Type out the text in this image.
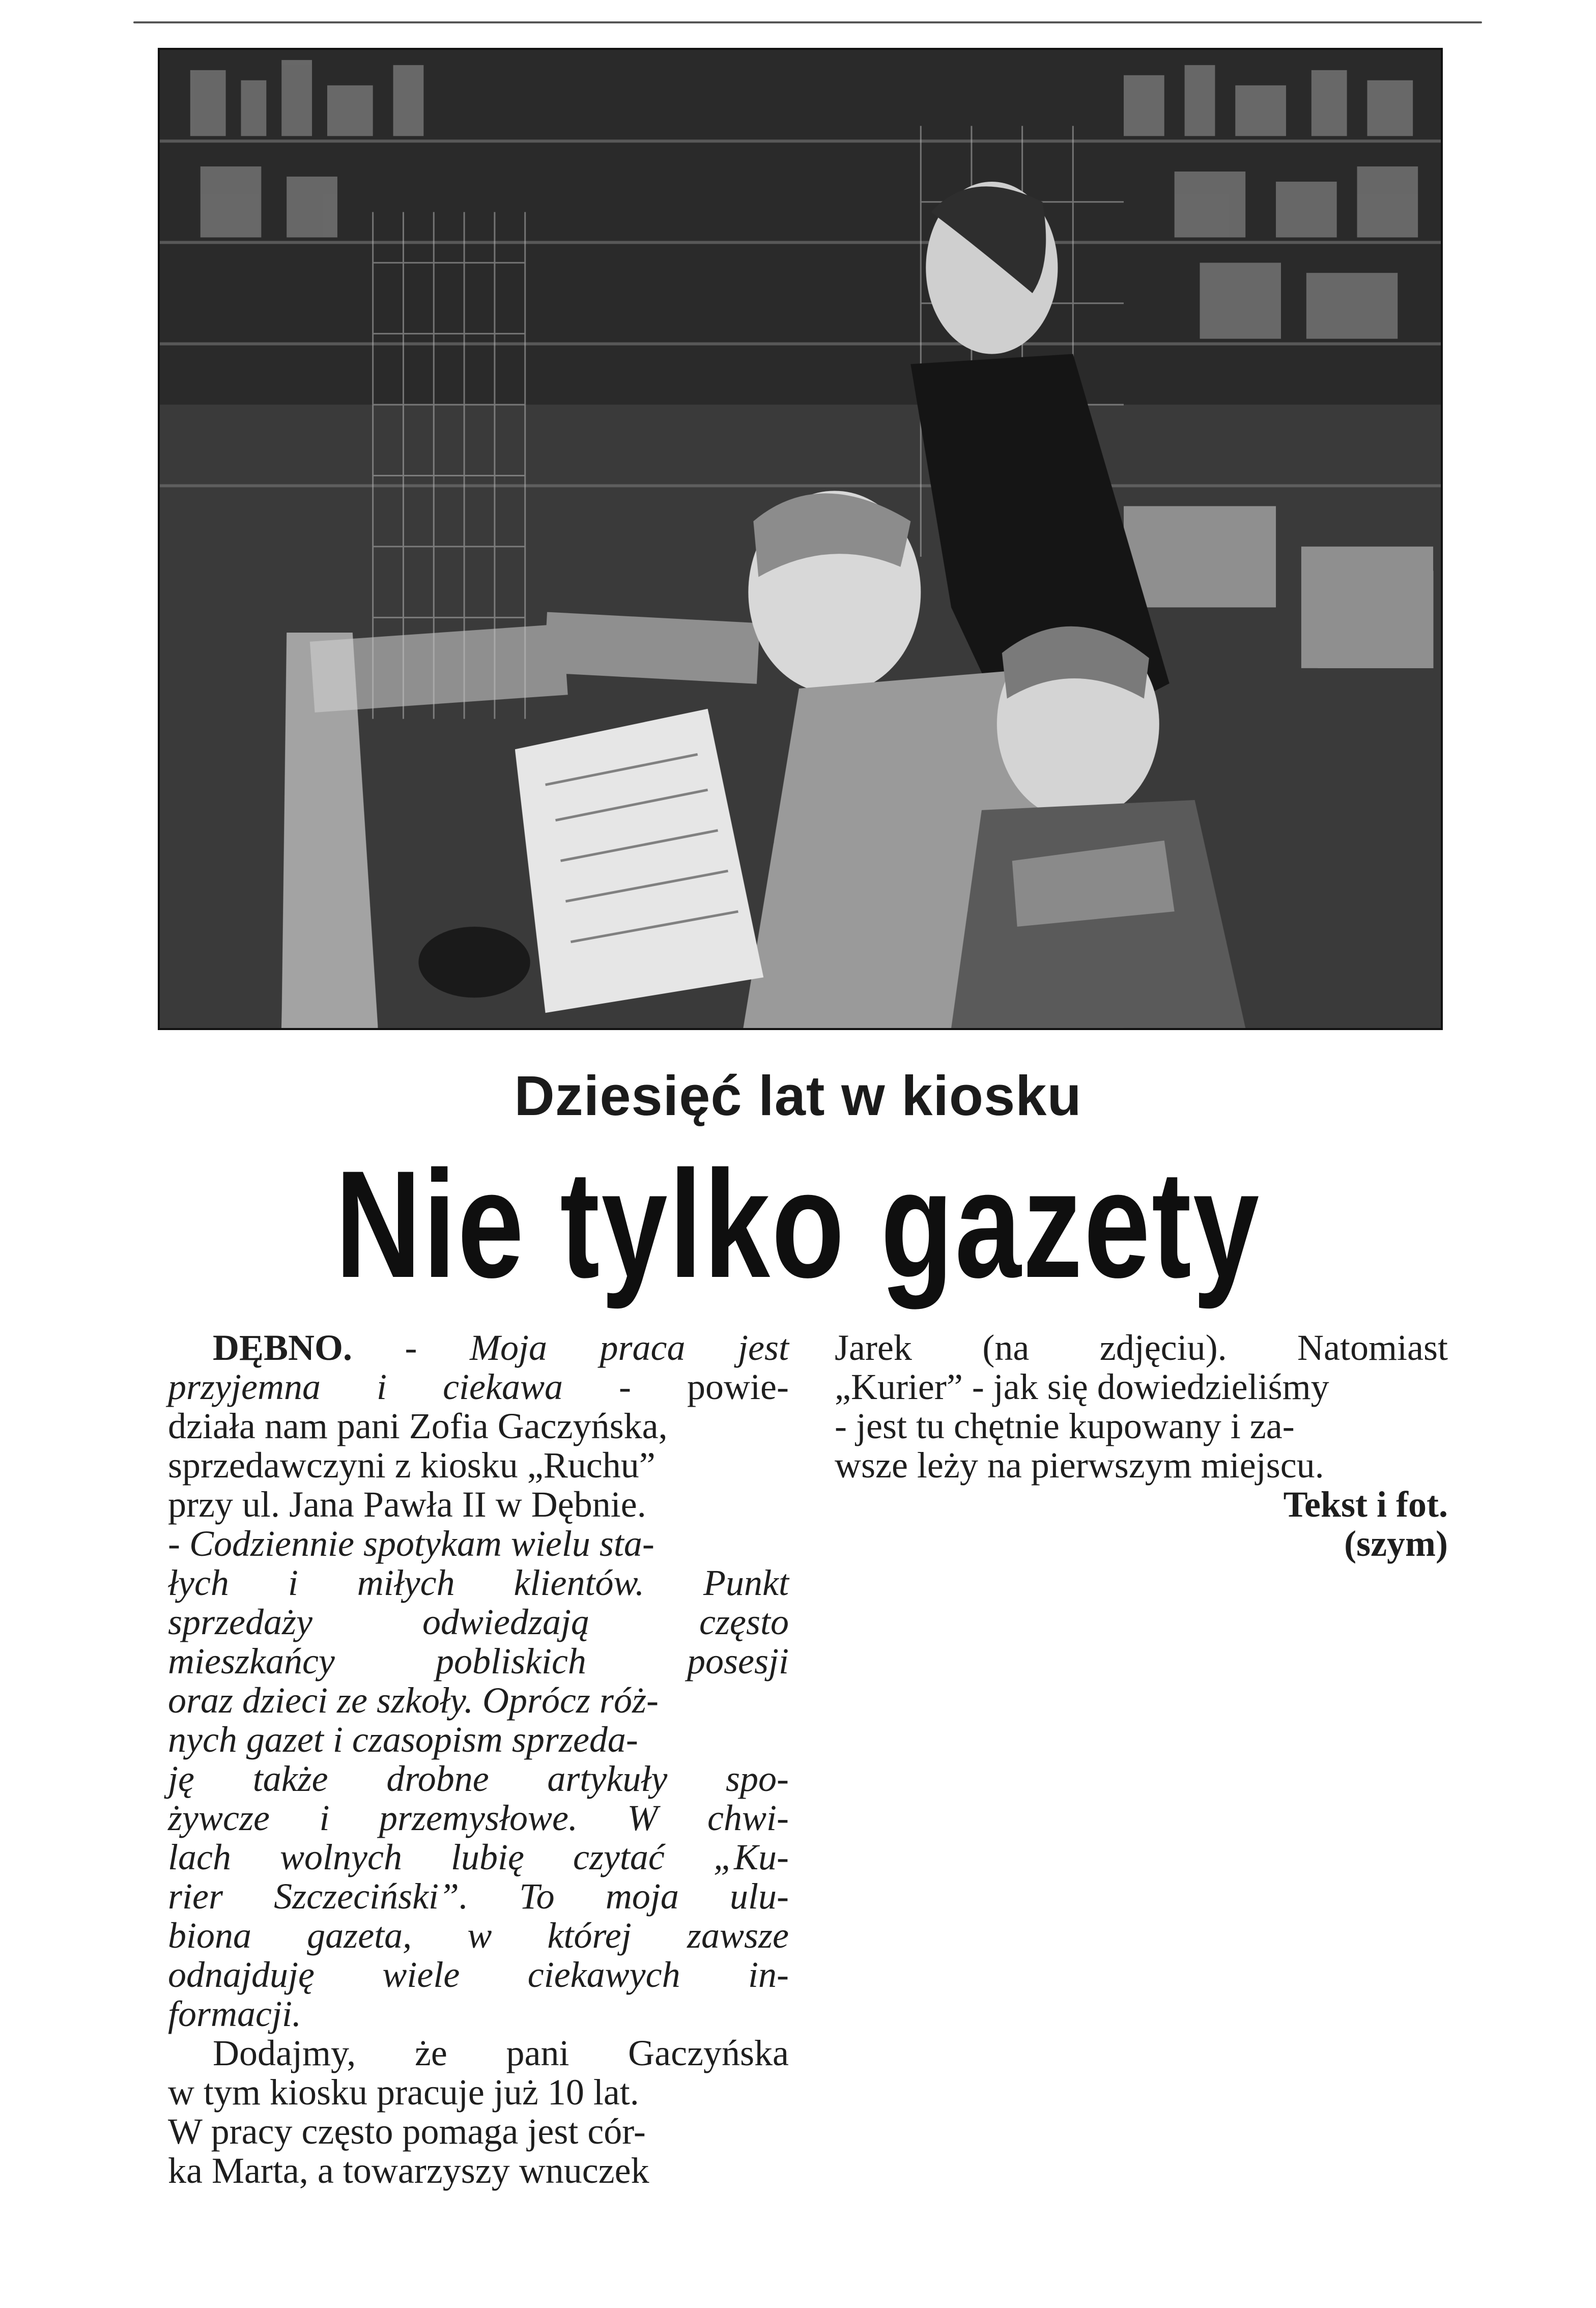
Dziesięć lat w kiosku
Nie tylko gazety
DĘBNO. - Moja praca jest
przyjemna i ciekawa - powie-
działa nam pani Zofia Gaczyńska,
sprzedawczyni z kiosku „Ruchu”
przy ul. Jana Pawła II w Dębnie.
- Codziennie spotykam wielu sta-
łych i miłych klientów. Punkt
sprzedaży	odwiedzają	często
mieszkańcy	pobliskich	posesji
oraz dzieci ze szkoły. Oprócz róż-
nych gazet i czasopism sprzeda-
ję także drobne artykuły spo-
żywcze i przemysłowe. W chwi-
lach wolnych lubię czytać „Ku-
rier Szczeciński”. To moja ulu-
biona gazeta, w której zawsze
odnajduję wiele ciekawych in-
formacji.
Dodajmy, że pani Gaczyńska
w tym kiosku pracuje już 10 lat.
W pracy często pomaga jest cór-
ka Marta, a towarzyszy wnuczek
Jarek (na zdjęciu). Natomiast
„Kurier” - jak się dowiedzieliśmy
- jest tu chętnie kupowany i za-
wsze leży na pierwszym miejscu.
Tekst i fot.
(szym)
